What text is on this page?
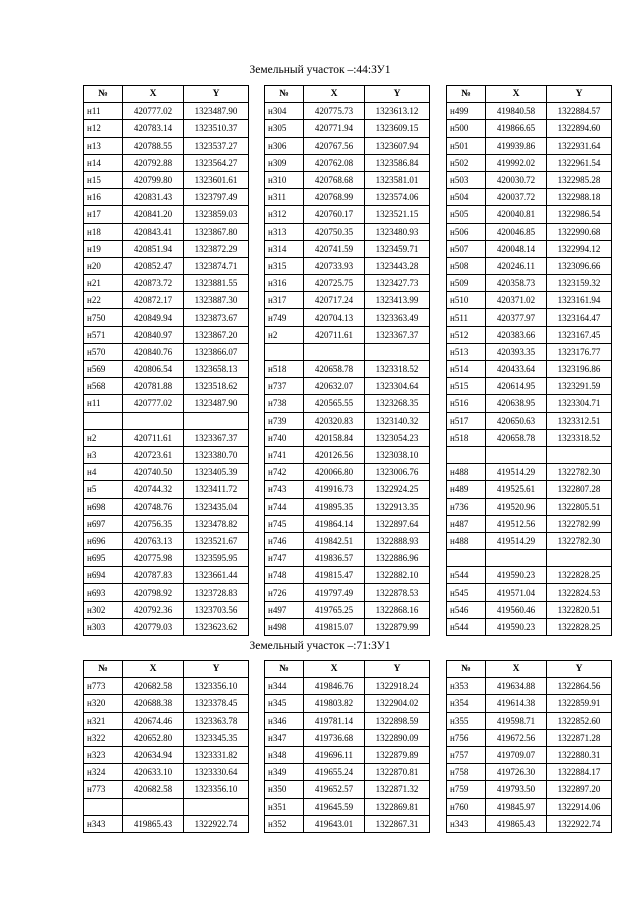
Земельный участок –:44:ЗУ1
№	X	Y
н11	420777.02	1323487.90
н12	420783.14	1323510.37
н13	420788.55	1323537.27
н14	420792.88	1323564.27
н15	420799.80	1323601.61
н16	420831.43	1323797.49
н17	420841.20	1323859.03
н18	420843.41	1323867.80
н19	420851.94	1323872.29
н20	420852.47	1323874.71
н21	420873.72	1323881.55
н22	420872.17	1323887.30
н750	420849.94	1323873.67
н571	420840.97	1323867.20
н570	420840.76	1323866.07
н569	420806.54	1323658.13
н568	420781.88	1323518.62
н11	420777.02	1323487.90

н2	420711.61	1323367.37
н3	420723.61	1323380.70
н4	420740.50	1323405.39
н5	420744.32	1323411.72
н698	420748.76	1323435.04
н697	420756.35	1323478.82
н696	420763.13	1323521.67
н695	420775.98	1323595.95
н694	420787.83	1323661.44
н693	420798.92	1323728.83
н302	420792.36	1323703.56
н303	420779.03	1323623.62
№	X	Y
н304	420775.73	1323613.12
н305	420771.94	1323609.15
н306	420767.56	1323607.94
н309	420762.08	1323586.84
н310	420768.68	1323581.01
н311	420768.99	1323574.06
н312	420760.17	1323521.15
н313	420750.35	1323480.93
н314	420741.59	1323459.71
н315	420733.93	1323443.28
н316	420725.75	1323427.73
н317	420717.24	1323413.99
н749	420704.13	1323363.49
н2	420711.61	1323367.37

н518	420658.78	1323318.52
н737	420632.07	1323304.64
н738	420565.55	1323268.35
н739	420320.83	1323140.32
н740	420158.84	1323054.23
н741	420126.56	1323038.10
н742	420066.80	1323006.76
н743	419916.73	1322924.25
н744	419895.35	1322913.35
н745	419864.14	1322897.64
н746	419842.51	1322888.93
н747	419836.57	1322886.96
н748	419815.47	1322882.10
н726	419797.49	1322878.53
н497	419765.25	1322868.16
н498	419815.07	1322879.99
№	X	Y
н499	419840.58	1322884.57
н500	419866.65	1322894.60
н501	419939.86	1322931.64
н502	419992.02	1322961.54
н503	420030.72	1322985.28
н504	420037.72	1322988.18
н505	420040.81	1322986.54
н506	420046.85	1322990.68
н507	420048.14	1322994.12
н508	420246.11	1323096.66
н509	420358.73	1323159.32
н510	420371.02	1323161.94
н511	420377.97	1323164.47
н512	420383.66	1323167.45
н513	420393.35	1323176.77
н514	420433.64	1323196.86
н515	420614.95	1323291.59
н516	420638.95	1323304.71
н517	420650.63	1323312.51
н518	420658.78	1323318.52

н488	419514.29	1322782.30
н489	419525.61	1322807.28
н736	419520.96	1322805.51
н487	419512.56	1322782.99
н488	419514.29	1322782.30

н544	419590.23	1322828.25
н545	419571.04	1322824.53
н546	419560.46	1322820.51
н544	419590.23	1322828.25
Земельный участок –:71:ЗУ1
№	X	Y
н773	420682.58	1323356.10
н320	420688.38	1323378.45
н321	420674.46	1323363.78
н322	420652.80	1323345.35
н323	420634.94	1323331.82
н324	420633.10	1323330.64
н773	420682.58	1323356.10

н343	419865.43	1322922.74
№	X	Y
н344	419846.76	1322918.24
н345	419803.82	1322904.02
н346	419781.14	1322898.59
н347	419736.68	1322890.09
н348	419696.11	1322879.89
н349	419655.24	1322870.81
н350	419652.57	1322871.32
н351	419645.59	1322869.81
н352	419643.01	1322867.31
№	X	Y
н353	419634.88	1322864.56
н354	419614.38	1322859.91
н355	419598.71	1322852.60
н756	419672.56	1322871.28
н757	419709.07	1322880.31
н758	419726.30	1322884.17
н759	419793.50	1322897.20
н760	419845.97	1322914.06
н343	419865.43	1322922.74
